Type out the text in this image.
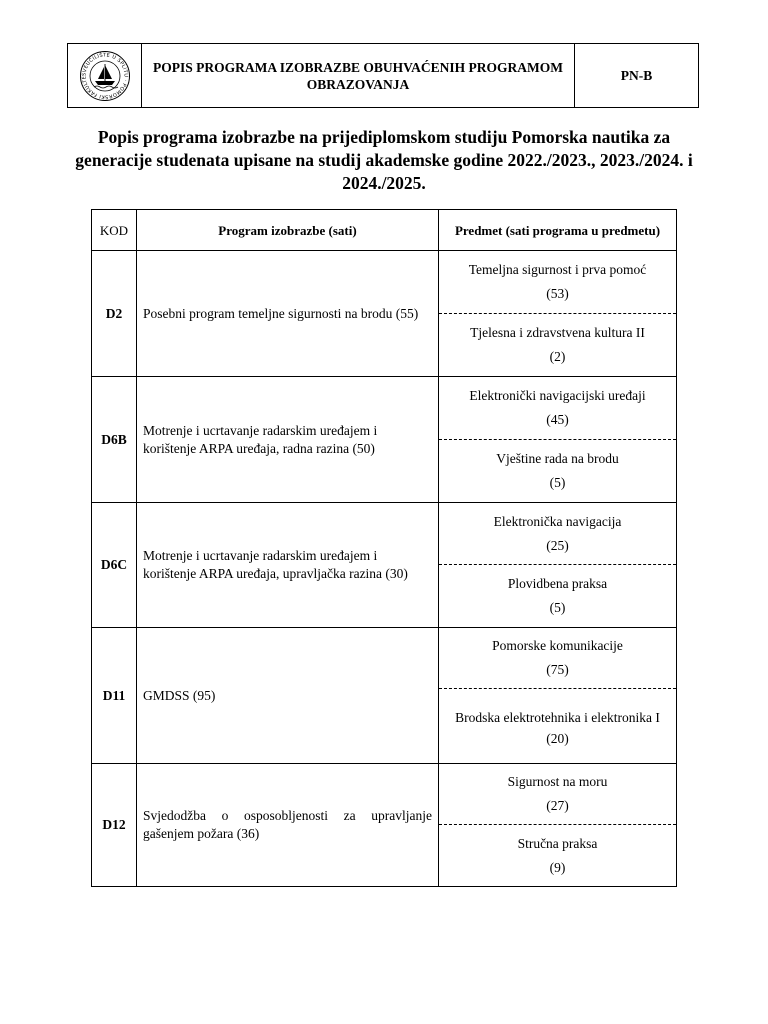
SVEUČILIŠTE U SPLITU · POMORSKI FAKULTE
	POPIS PROGRAMA IZOBRAZBE OBUHVAĆENIH PROGRAMOM OBRAZOVANJA	PN-B
Popis programa izobrazbe na prijediplomskom studiju Pomorska nautika za generacije studenata upisane na studij akademske godine 2022./2023., 2023./2024. i 2024./2025.
KOD	Program izobrazbe (sati)	Predmet (sati programa u predmetu)
D2	Posebni program temeljne sigurnosti na brodu (55)	Temeljna sigurnost i prva pomoć
(53)

		Tjelesna i zdravstvena kultura II
(2)

D6B	Motrenje i ucrtavanje radarskim uređajem i korištenje ARPA uređaja, radna razina (50)	Elektronički navigacijski uređaji
(45)

		Vještine rada na brodu
(5)

D6C	Motrenje i ucrtavanje radarskim uređajem i korištenje ARPA uređaja, upravljačka razina (30)	Elektronička navigacija
(25)

		Plovidbena praksa
(5)

D11	GMDSS (95)	Pomorske komunikacije
(75)

		Brodska elektrotehnika i elektronika I
(20)

D12	Svjedodžba o osposobljenosti za upravljanje gašenjem požara (36)	Sigurnost na moru
(27)

		Stručna praksa
(9)
